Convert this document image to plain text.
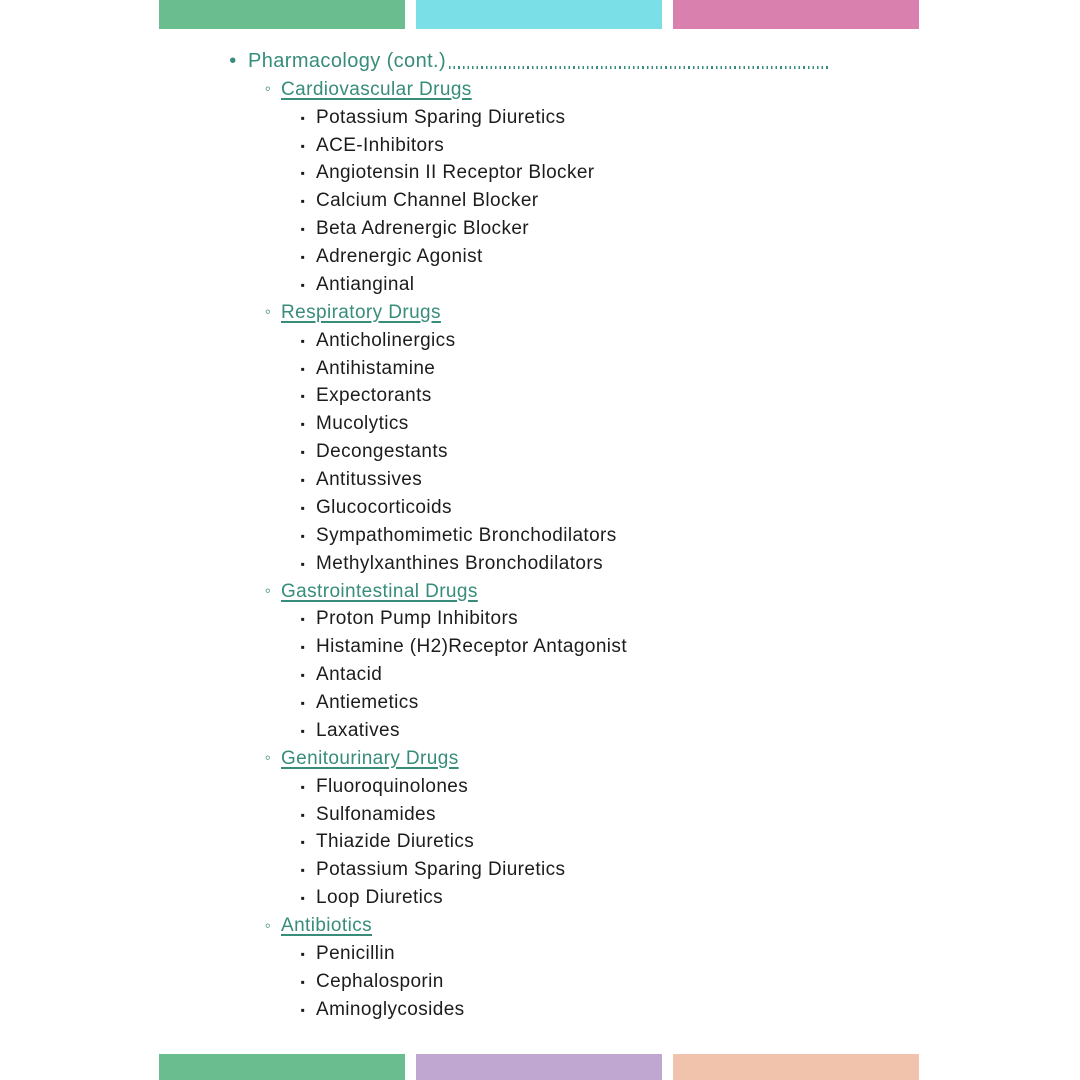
• Pharmacology (cont.)
◦ Cardiovascular Drugs
▪ Potassium Sparing Diuretics
▪ ACE-Inhibitors
▪ Angiotensin II Receptor Blocker
▪ Calcium Channel Blocker
▪ Beta Adrenergic Blocker
▪ Adrenergic Agonist
▪ Antianginal
◦ Respiratory Drugs
▪ Anticholinergics
▪ Antihistamine
▪ Expectorants
▪ Mucolytics
▪ Decongestants
▪ Antitussives
▪ Glucocorticoids
▪ Sympathomimetic Bronchodilators
▪ Methylxanthines Bronchodilators
◦ Gastrointestinal Drugs
▪ Proton Pump Inhibitors
▪ Histamine (H2)Receptor Antagonist
▪ Antacid
▪ Antiemetics
▪ Laxatives
◦ Genitourinary Drugs
▪ Fluoroquinolones
▪ Sulfonamides
▪ Thiazide Diuretics
▪ Potassium Sparing Diuretics
▪ Loop Diuretics
◦ Antibiotics
▪ Penicillin
▪ Cephalosporin
▪ Aminoglycosides
